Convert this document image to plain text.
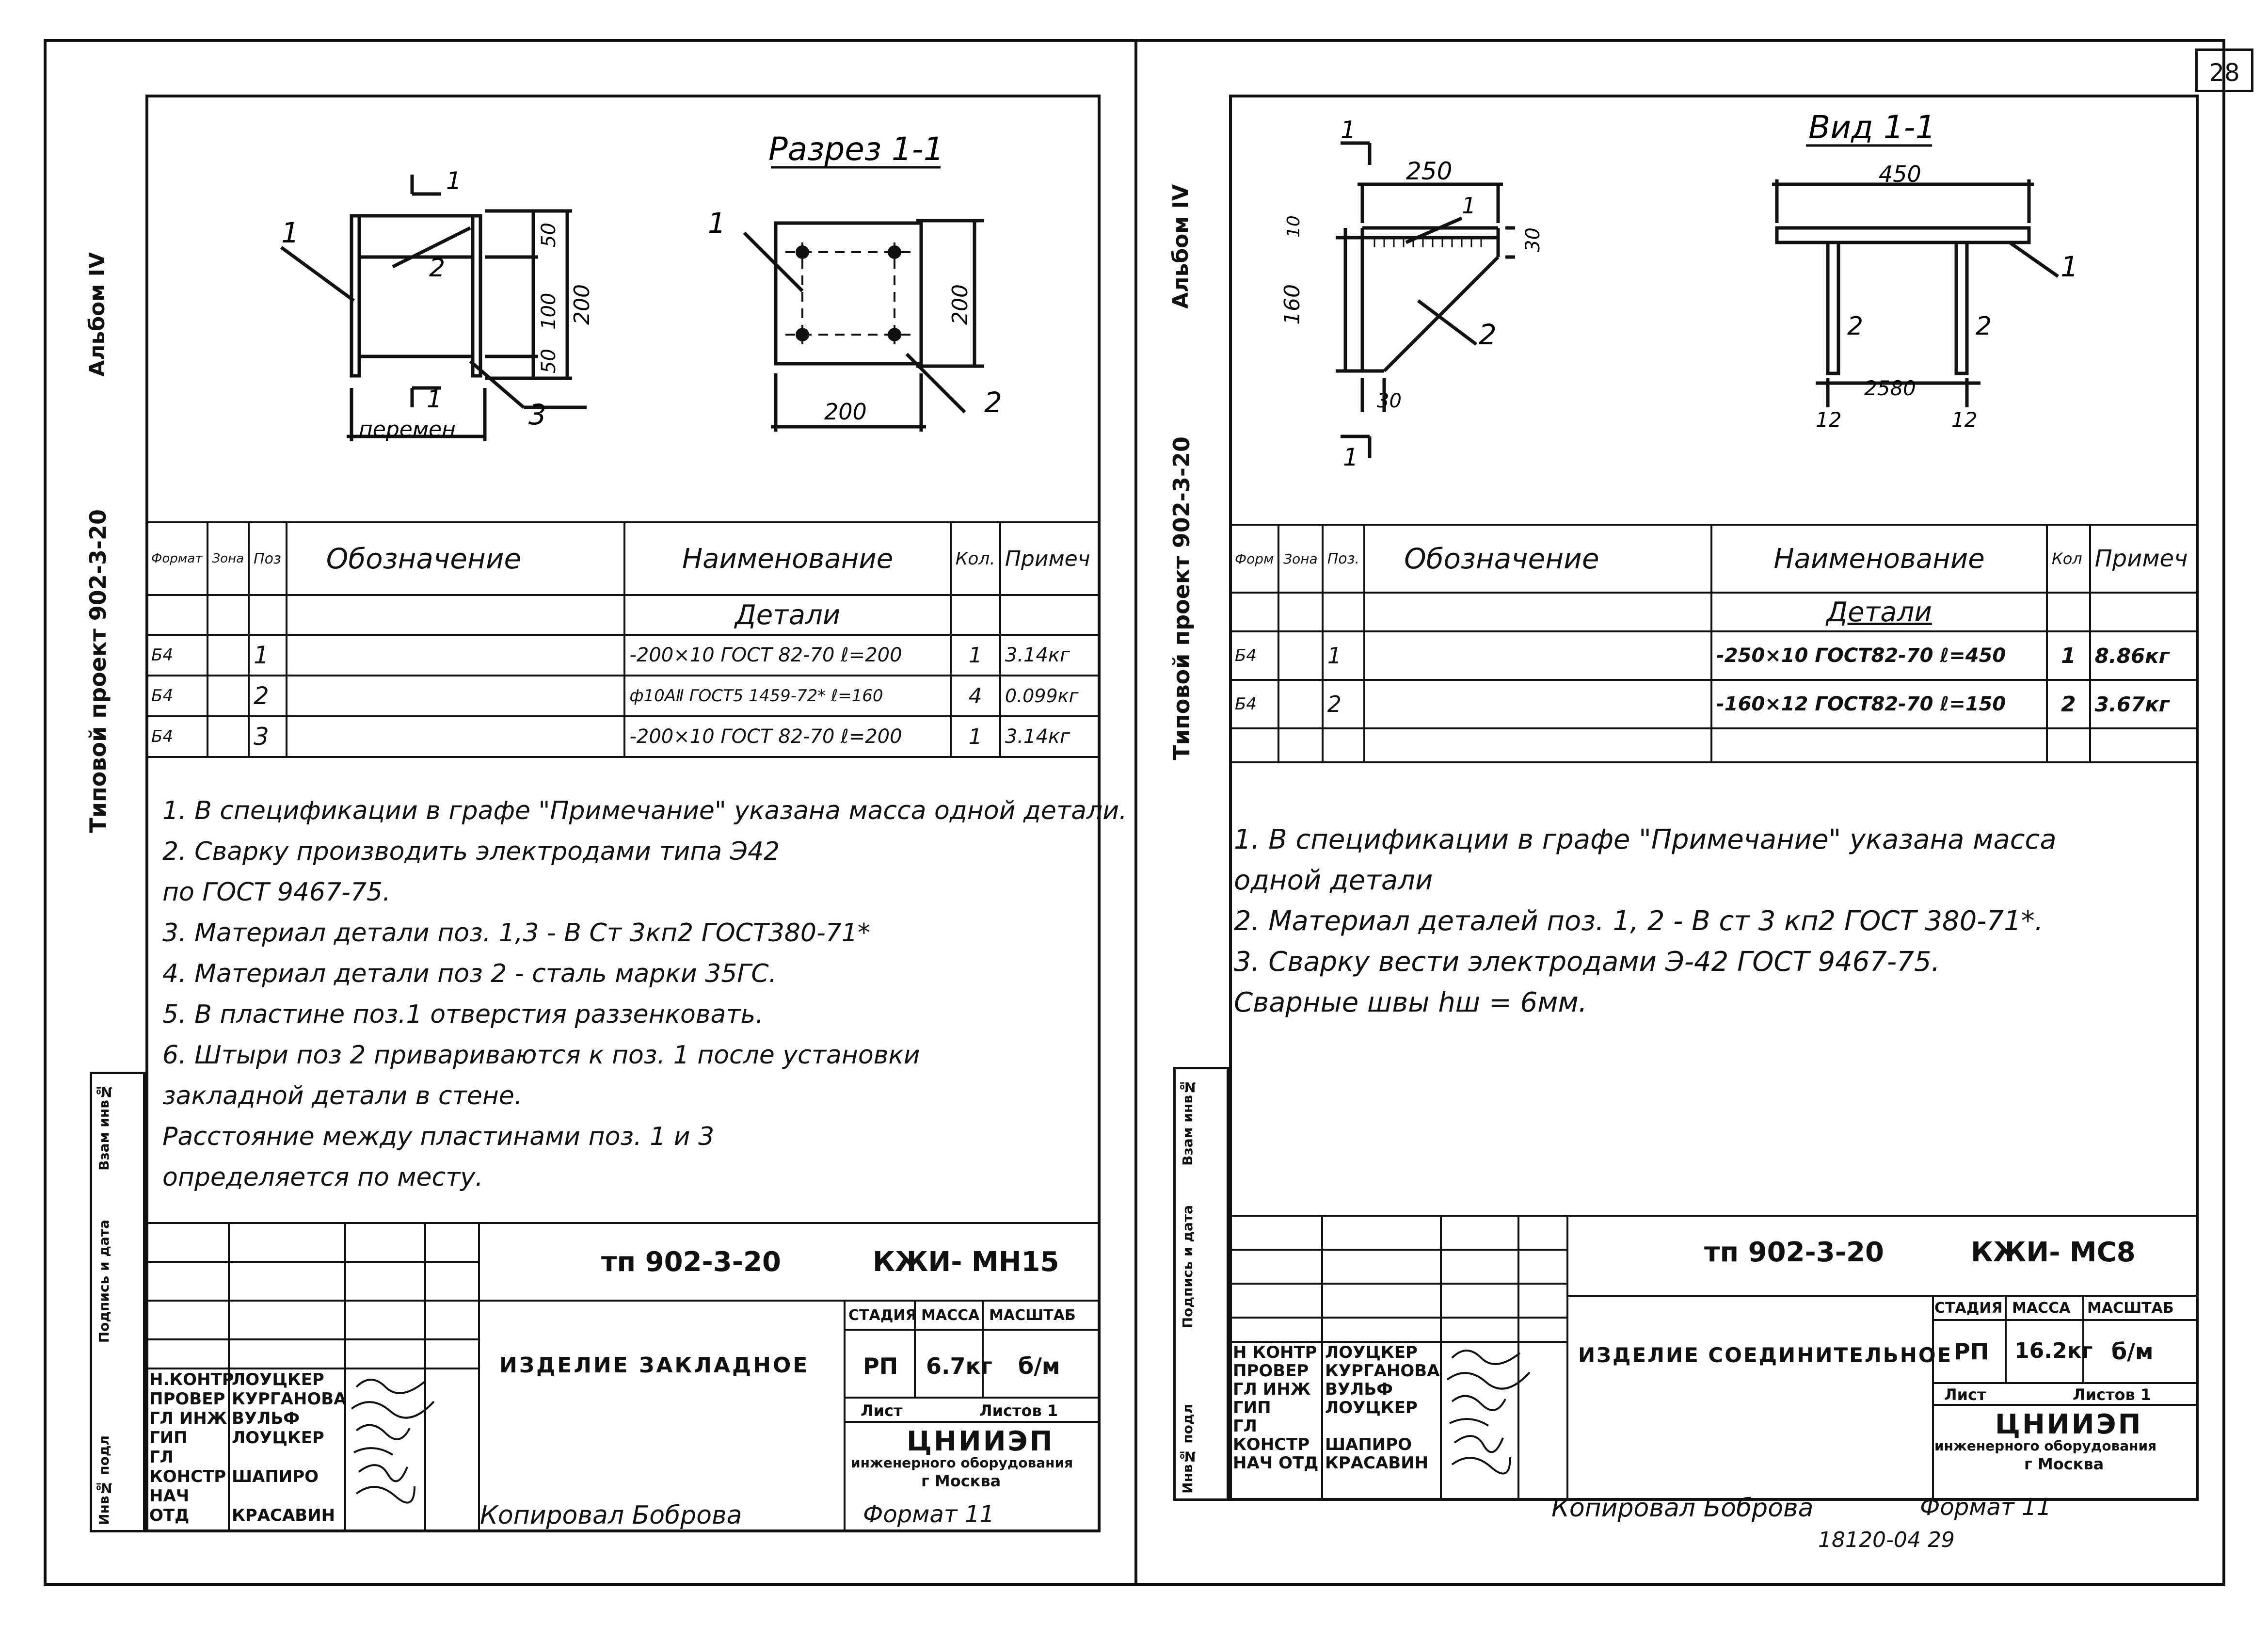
28
Альбом IV
Типовой проект 902-3-20
Разрез 1-1
1
2
3
1
1
перемен
50
100
50
200
1
200
200	2
Формат	Зона	Поз	Обозначение	Наименование	Кол.	Примеч
				Детали		
Б4		1		-200×10 ГОСТ 82-70 ℓ=200	1	3.14кг
Б4		2		ф10АⅡ ГОСТ5 1459-72* ℓ=160	4	0.099кг
Б4		3		-200×10 ГОСТ 82-70 ℓ=200	1	3.14кг
1. В спецификации в графе "Примечание" указана масса одной детали.
2. Сварку производить электродами типа Э42
по ГОСТ 9467-75.
3. Материал детали поз. 1,3 - В Ст 3кп2 ГОСТ380-71*
4. Материал детали поз 2 - сталь марки 35ГС.
5. В пластине поз.1 отверстия раззенковать.
6. Штыри поз 2 привариваются к поз. 1 после установки
закладной детали в стене.
Расстояние между пластинами поз. 1 и 3
определяется по месту.
Инв№ подл
Подпись и дата
Взам инв№
тп 902-3-20	КЖИ- МН15
ИЗДЕЛИЕ ЗАКЛАДНОЕ
СТАДИЯ МАССА МАСШТАБ
РП 6.7кг б/м
Лист	Листов 1
ЦНИИЭП
инженерного оборудования
г Москва
Н.КОНТРЛОУЦКЕР
ПРОВЕР КУРГАНОВА
ГЛ ИНЖ ВУЛЬФ
ГИП	ЛОУЦКЕР
ГЛ КОНСТР ШАПИРО
НАЧ ОТД	КРАСАВИН	Копировал Боброва	Формат 11
Альбом IV
Типовой проект 902-3-20
Вид 1-1
450
250
10
30
160
30
1
2
1
1
1
2	2
2580
12	12
Форм	Зона	Поз.	Обозначение	Наименование	Кол	Примеч
				Детали		
Б4		1		-250×10 ГОСТ82-70 ℓ=450	1	8.86кг
Б4		2		-160×12 ГОСТ82-70 ℓ=150	2	3.67кг

1. В спецификации в графе "Примечание" указана масса
одной детали
2. Материал деталей поз. 1, 2 - В ст 3 кп2 ГОСТ 380-71*.
3. Сварку вести электродами Э-42 ГОСТ 9467-75.
Сварные швы hш = 6мм.
Инв№ подл
Подпись и дата
Взам инв№
тп 902-3-20	КЖИ- МС8
ИЗДЕЛИЕ СОЕДИНИТЕЛЬНОЕ
СТАДИЯ МАССА МАСШТАБ
РП 16.2кг б/м
Лист	Листов 1
ЦНИИЭП
инженерного оборудования
г Москва
Н КОНТР ЛОУЦКЕР
ПРОВЕР КУРГАНОВА
ГЛ ИНЖ ВУЛЬФ
ГИП	ЛОУЦКЕР
ГЛ КОНСТР ШАПИРО
НАЧ ОТД КРАСАВИН
Копировал Боброва	Формат 11
18120-04 29
